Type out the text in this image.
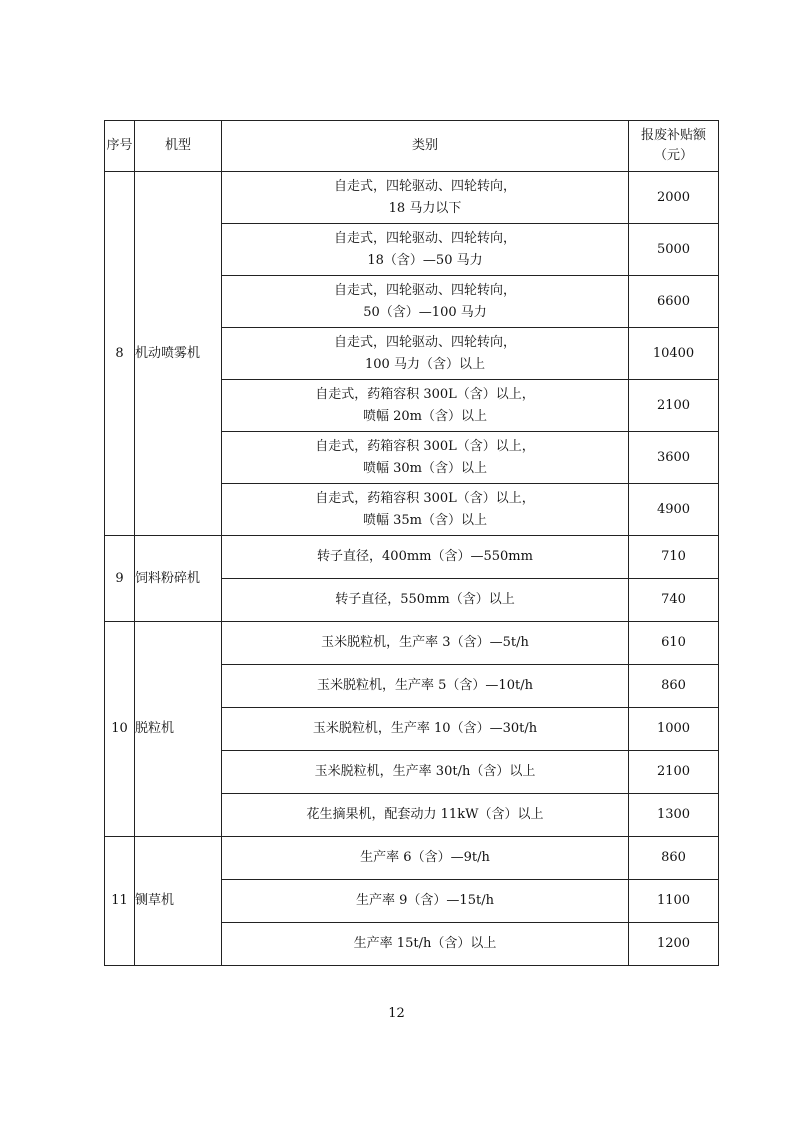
序号	机型	类别	报废补贴额
（元）

8	机动喷雾机	自走式，四轮驱动、四轮转向，
18 马力以下	2000

		自走式，四轮驱动、四轮转向，
18（含）—50 马力	5000

		自走式，四轮驱动、四轮转向，
50（含）—100 马力	6600

		自走式，四轮驱动、四轮转向，
100 马力（含）以上	10400

		自走式，药箱容积 300L（含）以上，
喷幅 20m（含）以上	2100

		自走式，药箱容积 300L（含）以上，
喷幅 30m（含）以上	3600

		自走式，药箱容积 300L（含）以上，
喷幅 35m（含）以上	4900
9	饲料粉碎机	转子直径，400mm（含）—550mm	710

		转子直径，550mm（含）以上	740
10	脱粒机	玉米脱粒机，生产率 3（含）—5t/h	610

		玉米脱粒机，生产率 5（含）—10t/h	860

		玉米脱粒机，生产率 10（含）—30t/h	1000

		玉米脱粒机，生产率 30t/h（含）以上	2100

		花生摘果机，配套动力 11kW（含）以上	1300
11	铡草机	生产率 6（含）—9t/h	860

		生产率 9（含）—15t/h	1100

		生产率 15t/h（含）以上	1200
12
